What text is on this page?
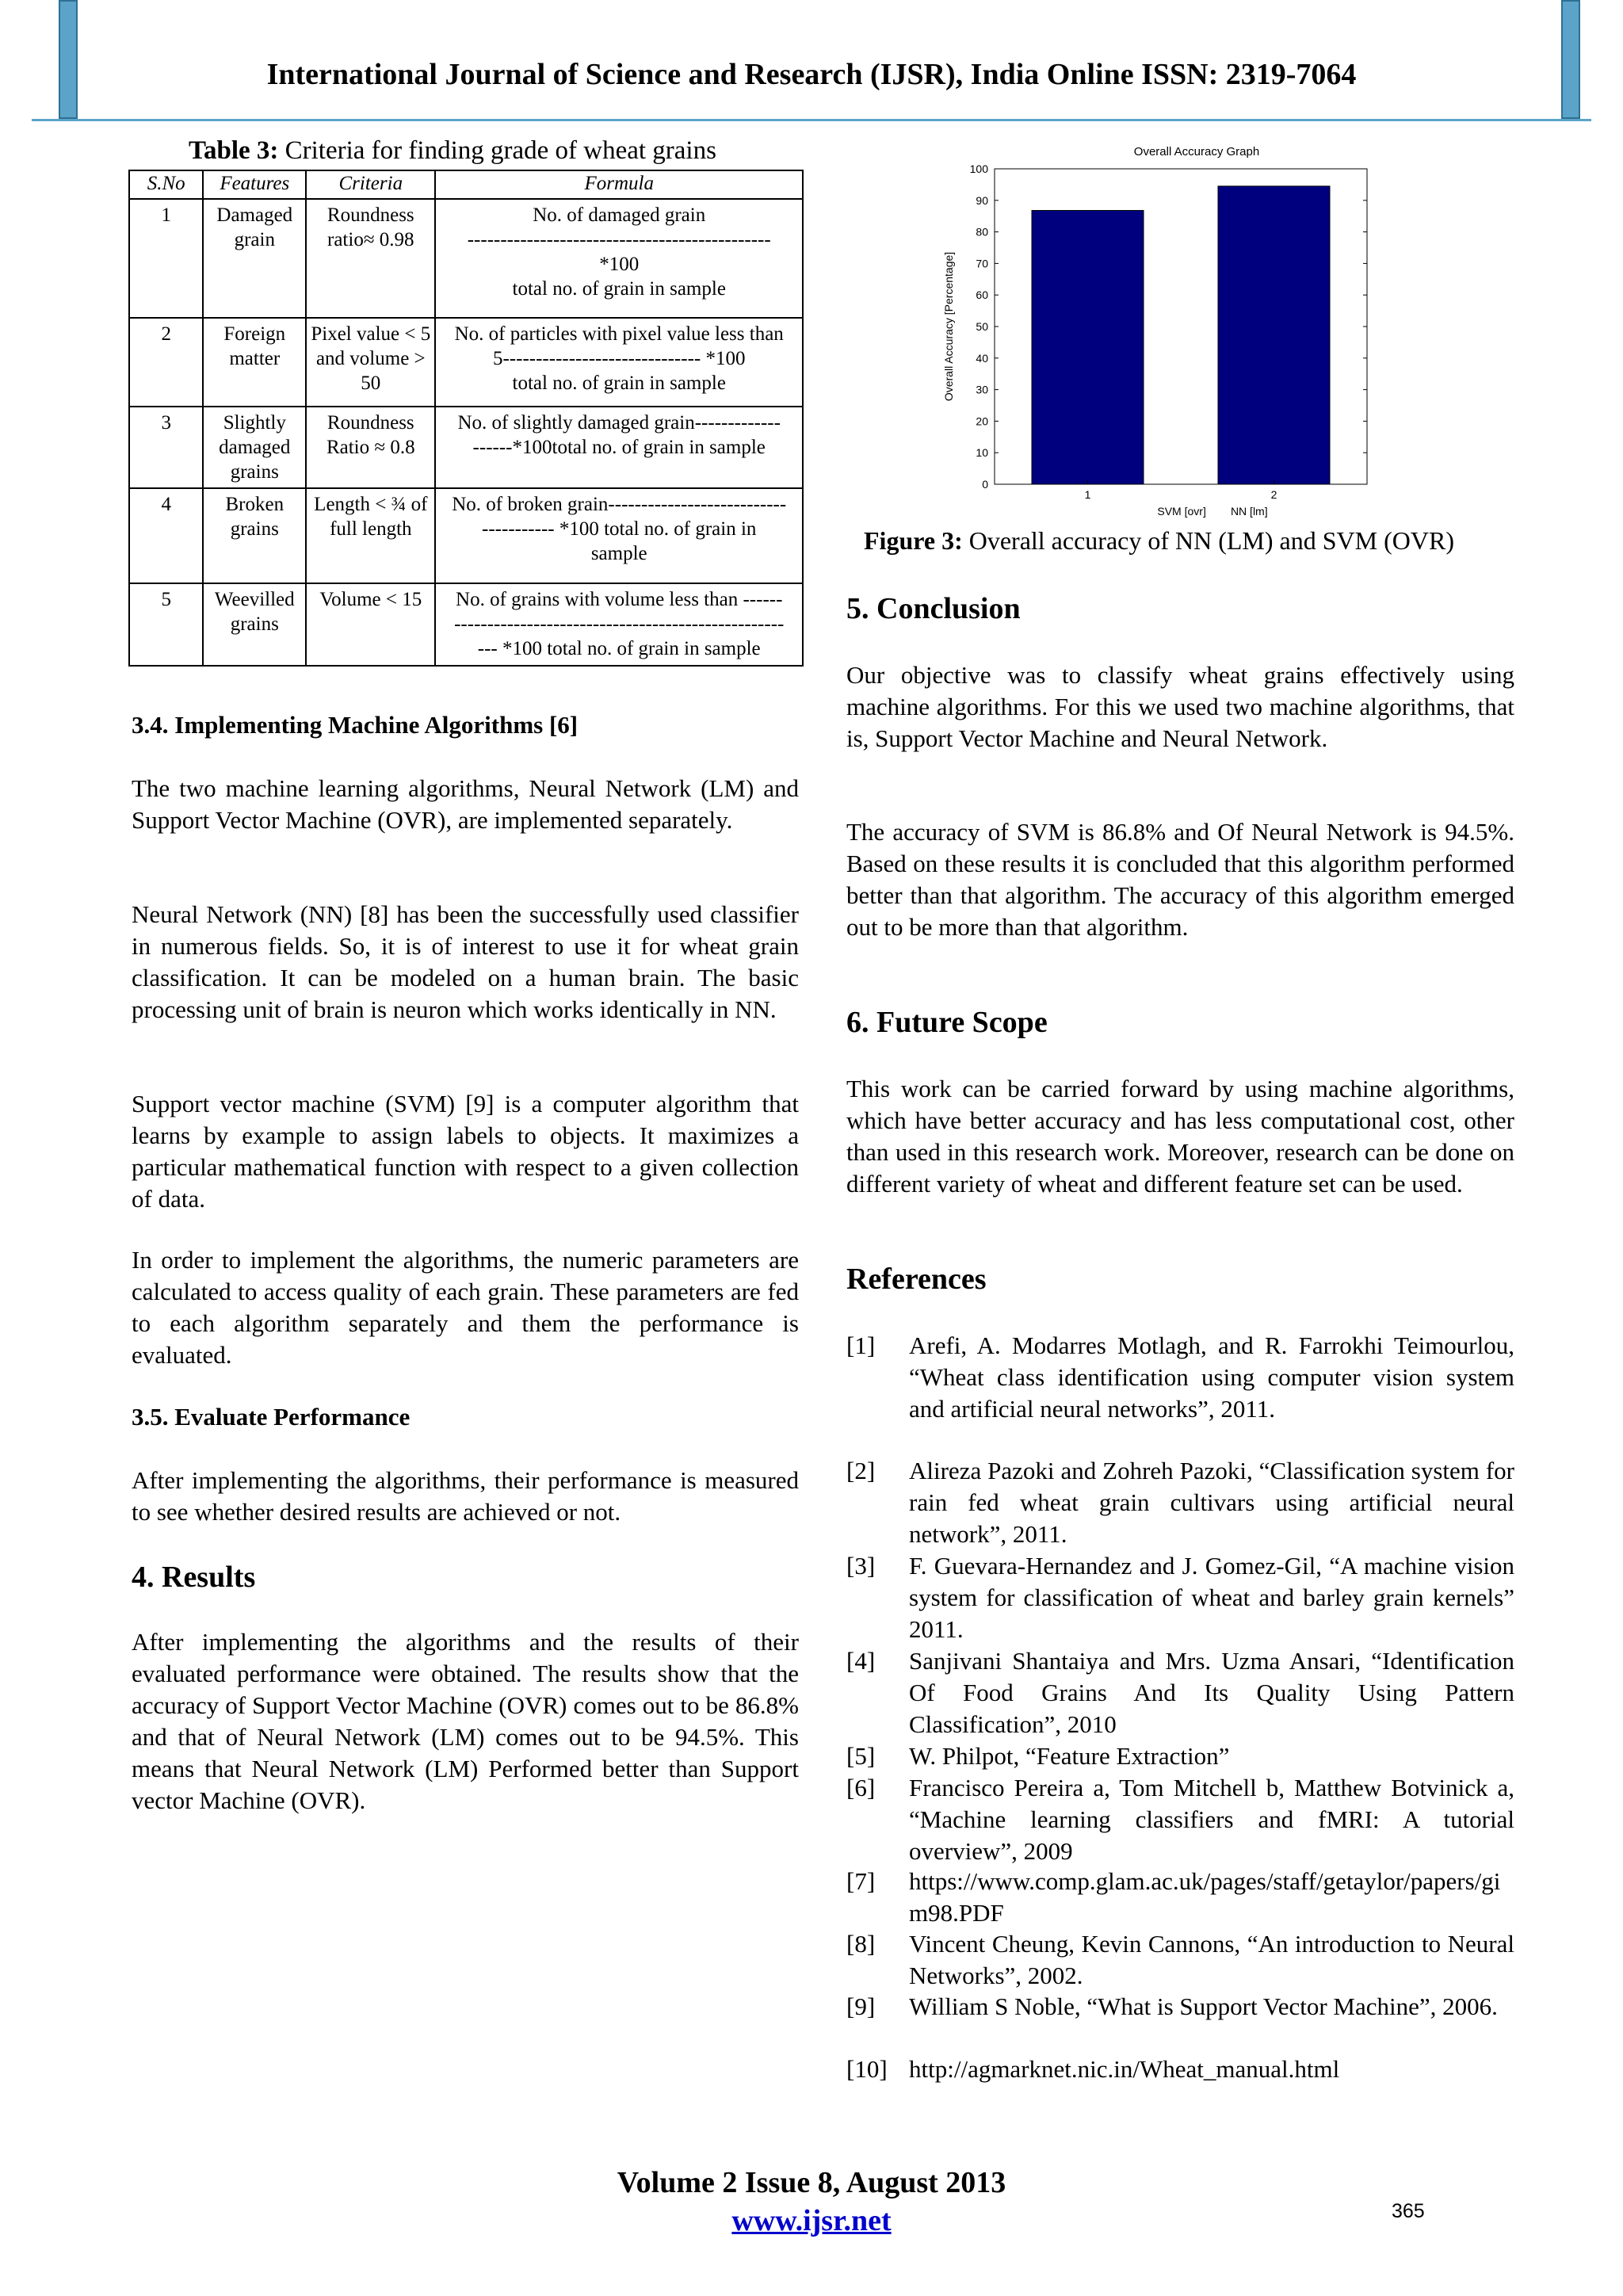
International Journal of Science and Research (IJSR), India Online ISSN: 2319-7064
Table 3: Criteria for finding grade of wheat grains
S.No	Features	Criteria	Formula
1	Damaged grain	Roundness ratio≈ 0.98	No. of damaged grain
----------------------------------------------
*100
total no. of grain in sample

2	Foreign matter	Pixel value < 5 and volume > 50	No. of particles with pixel value less than
5------------------------------ *100
total no. of grain in sample

3	Slightly damaged grains	Roundness Ratio ≈ 0.8	No. of slightly damaged grain-------------
------*100total no. of grain in sample

4	Broken grains	Length < ¾ of full length	No. of broken grain---------------------------
----------- *100 total no. of grain in
sample

5	Weevilled grains	Volume < 15	No. of grains with volume less than ------
--------------------------------------------------
--- *100 total no. of grain in sample
3.4. Implementing Machine Algorithms [6]
The two machine learning algorithms, Neural Network (LM) and Support Vector Machine (OVR), are implemented separately.
Neural Network (NN) [8] has been the successfully used classifier in numerous fields. So, it is of interest to use it for wheat grain classification. It can be modeled on a human brain. The basic processing unit of brain is neuron which works identically in NN.
Support vector machine (SVM) [9] is a computer algorithm that learns by example to assign labels to objects. It maximizes a particular mathematical function with respect to a given collection of data.
In order to implement the algorithms, the numeric parameters are calculated to access quality of each grain. These parameters are fed to each algorithm separately and them the performance is evaluated.
3.5. Evaluate Performance
After implementing the algorithms, their performance is measured to see whether desired results are achieved or not.
4. Results
After implementing the algorithms and the results of their evaluated performance were obtained. The results show that the accuracy of Support Vector Machine (OVR) comes out to be 86.8% and that of Neural Network (LM) comes out to be 94.5%. This means that Neural Network (LM) Performed better than Support vector Machine (OVR).
Overall Accuracy Graph
Overall Accuracy [Percentage]
SVM [ovr]        NN [lm]
1	2
0
10
20
30
40
50
60
70
80
90
100
Figure 3: Overall accuracy of NN (LM) and SVM (OVR)
5. Conclusion
Our objective was to classify wheat grains effectively using machine algorithms. For this we used two machine algorithms, that is, Support Vector Machine and Neural Network.
The accuracy of SVM is 86.8% and Of Neural Network is 94.5%. Based on these results it is concluded that this algorithm performed better than that algorithm. The accuracy of this algorithm emerged out to be more than that algorithm.
6. Future Scope
This work can be carried forward by using machine algorithms, which have better accuracy and has less computational cost, other than used in this research work. Moreover, research can be done on different variety of wheat and different feature set can be used.
References
[1] Arefi, A. Modarres Motlagh, and R. Farrokhi Teimourlou, “Wheat class identification using computer vision system and artificial neural networks”, 2011.
[2] Alireza Pazoki and Zohreh Pazoki, “Classification system for rain fed wheat grain cultivars using artificial neural network”, 2011.
[3] F. Guevara-Hernandez and J. Gomez-Gil, “A machine vision system for classification of wheat and barley grain kernels” 2011.
[4] Sanjivani Shantaiya and Mrs. Uzma Ansari, “Identification Of Food Grains And Its Quality Using Pattern Classification”, 2010
[5] W. Philpot, “Feature Extraction”
[6] Francisco Pereira a, Tom Mitchell b, Matthew Botvinick a, “Machine learning classifiers and fMRI: A tutorial overview”, 2009
[7] https://www.comp.glam.ac.uk/pages/staff/getaylor/papers/gim98.PDF
[8] Vincent Cheung, Kevin Cannons, “An introduction to Neural Networks”, 2002.
[9] William S Noble, “What is Support Vector Machine”, 2006.
[10] http://agmarknet.nic.in/Wheat_manual.html
Volume 2 Issue 8, August 2013
www.ijsr.net	365
